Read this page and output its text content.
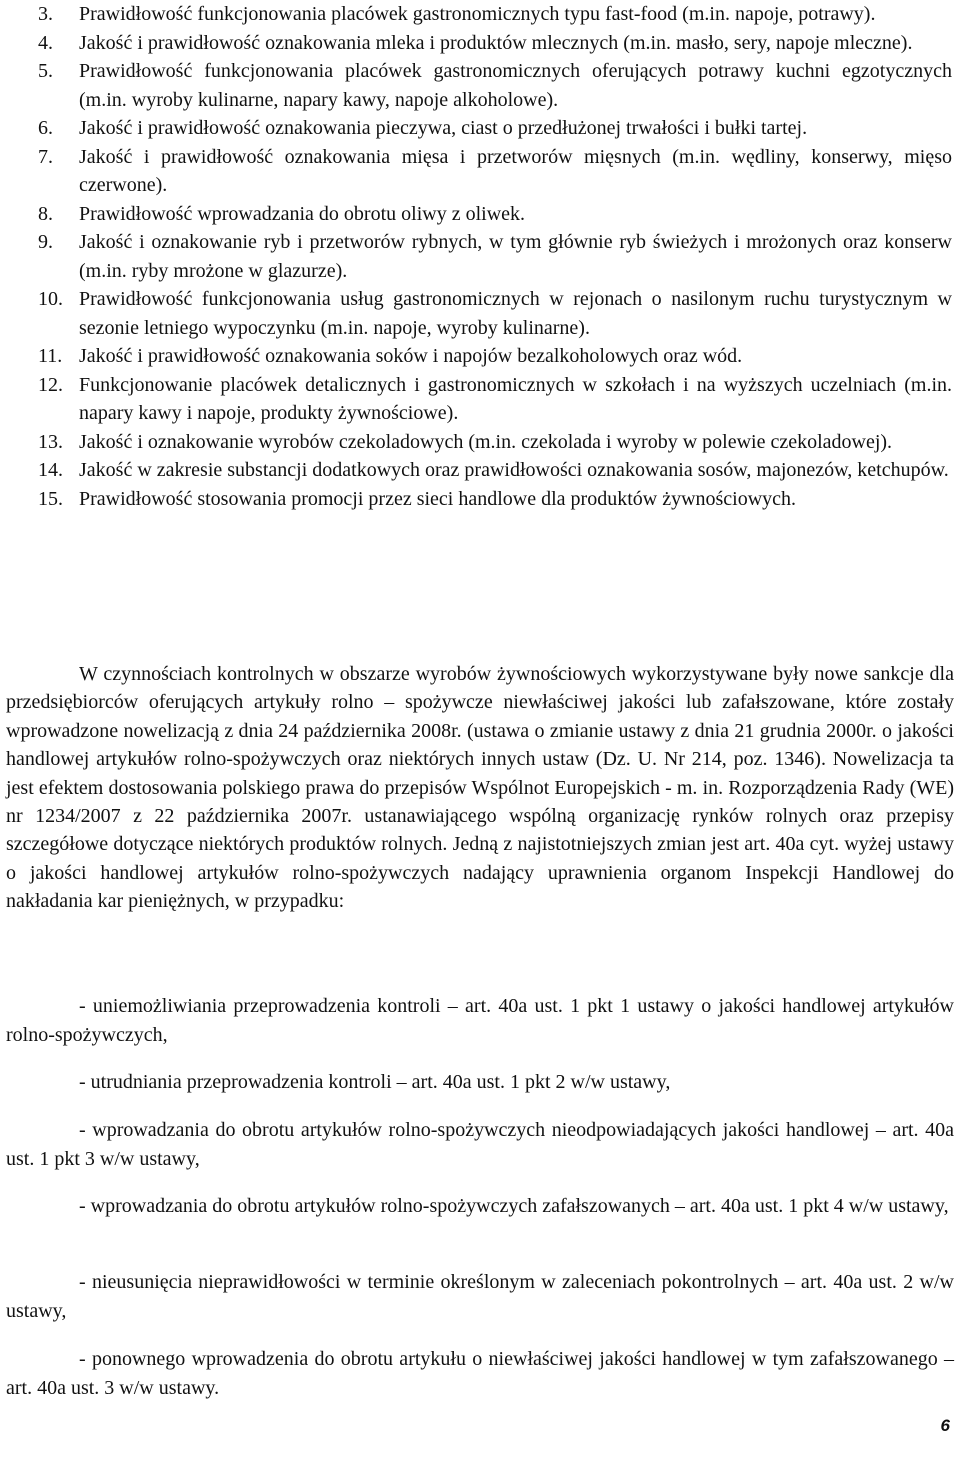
3.	Prawidłowość funkcjonowania placówek gastronomicznych typu fast-food (m.in. napoje, potrawy).
4.	Jakość i prawidłowość oznakowania mleka i produktów mlecznych (m.in. masło, sery, napoje mleczne).
5.	Prawidłowość funkcjonowania placówek gastronomicznych oferujących potrawy kuchni egzotycznych (m.in. wyroby kulinarne, napary kawy, napoje alkoholowe).
6.	Jakość i prawidłowość oznakowania pieczywa, ciast o przedłużonej trwałości i bułki tartej.
7.	Jakość i prawidłowość oznakowania mięsa i przetworów mięsnych (m.in. wędliny, konserwy, mięso czerwone).
8.	Prawidłowość wprowadzania do obrotu oliwy z oliwek.
9.	Jakość i oznakowanie ryb i przetworów rybnych, w tym głównie ryb świeżych i mrożonych oraz konserw (m.in. ryby mrożone w glazurze).
10. Prawidłowość funkcjonowania usług gastronomicznych w rejonach o nasilonym ruchu turystycznym w sezonie letniego wypoczynku (m.in. napoje, wyroby kulinarne).
11. Jakość i prawidłowość oznakowania soków i napojów bezalkoholowych oraz wód.
12. Funkcjonowanie placówek detalicznych i gastronomicznych w szkołach i na wyższych uczelniach (m.in. napary kawy i napoje, produkty żywnościowe).
13. Jakość i oznakowanie wyrobów czekoladowych (m.in. czekolada i wyroby w polewie czekoladowej).
14. Jakość w zakresie substancji dodatkowych oraz prawidłowości oznakowania sosów, majonezów, ketchupów.
15. Prawidłowość stosowania promocji przez sieci handlowe dla produktów żywnościowych.

W czynnościach kontrolnych w obszarze wyrobów żywnościowych wykorzystywane były nowe sankcje dla przedsiębiorców oferujących artykuły rolno – spożywcze niewłaściwej jakości lub zafałszowane, które zostały wprowadzone nowelizacją z dnia 24 października 2008r. (ustawa o zmianie ustawy z dnia 21 grudnia 2000r. o jakości handlowej artykułów rolno-spożywczych oraz niektórych innych ustaw (Dz. U. Nr 214, poz. 1346). Nowelizacja ta jest efektem dostosowania polskiego prawa do przepisów Wspólnot Europejskich - m. in. Rozporządzenia Rady (WE) nr 1234/2007 z 22 października 2007r. ustanawiającego wspólną organizację rynków rolnych oraz przepisy szczegółowe dotyczące niektórych produktów rolnych. Jedną z najistotniejszych zmian jest art. 40a cyt. wyżej ustawy o jakości handlowej artykułów rolno-spożywczych nadający uprawnienia organom Inspekcji Handlowej do nakładania kar pieniężnych, w przypadku:

- uniemożliwiania przeprowadzenia kontroli – art. 40a ust. 1 pkt 1 ustawy o jakości handlowej artykułów rolno-spożywczych,

- utrudniania przeprowadzenia kontroli – art. 40a ust. 1 pkt 2 w/w ustawy,

- wprowadzania do obrotu artykułów rolno-spożywczych nieodpowiadających jakości handlowej – art. 40a ust. 1 pkt 3 w/w ustawy,

- wprowadzania do obrotu artykułów rolno-spożywczych zafałszowanych – art. 40a ust. 1 pkt 4 w/w ustawy,

- nieusunięcia nieprawidłowości w terminie określonym w zaleceniach pokontrolnych – art. 40a ust. 2 w/w ustawy,

- ponownego wprowadzenia do obrotu artykułu o niewłaściwej jakości handlowej w tym zafałszowanego – art. 40a ust. 3 w/w ustawy.

6
